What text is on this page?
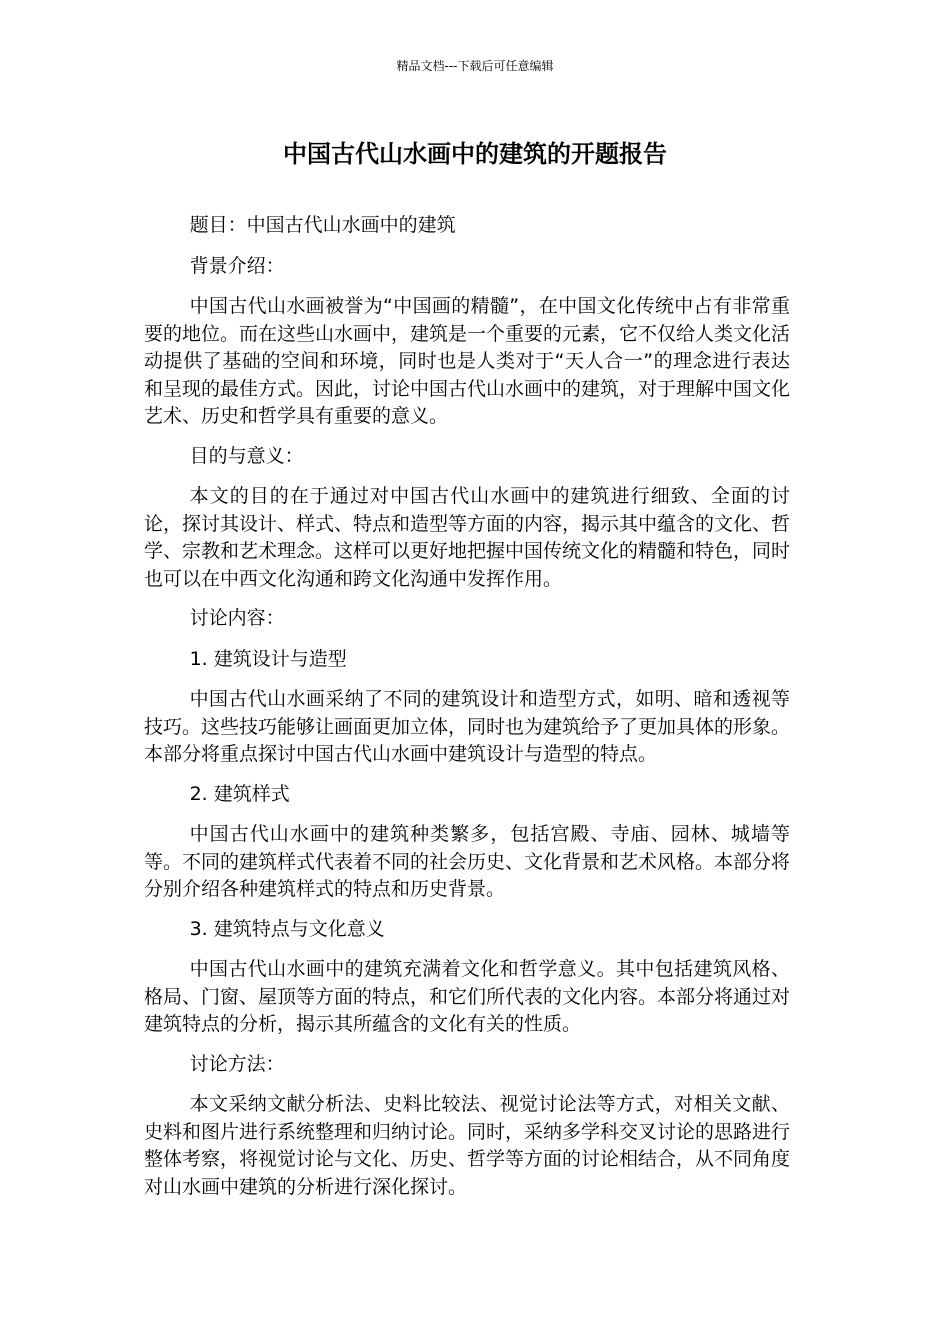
精品文档---下载后可任意编辑
中国古代山水画中的建筑的开题报告

题目：中国古代山水画中的建筑

背景介绍：

中国古代山水画被誉为“中国画的精髓”，在中国文化传统中占有非常重要的地位。而在这些山水画中，建筑是一个重要的元素，它不仅给人类文化活动提供了基础的空间和环境，同时也是人类对于“天人合一”的理念进行表达和呈现的最佳方式。因此，讨论中国古代山水画中的建筑，对于理解中国文化艺术、历史和哲学具有重要的意义。

目的与意义：

本文的目的在于通过对中国古代山水画中的建筑进行细致、全面的讨论，探讨其设计、样式、特点和造型等方面的内容，揭示其中蕴含的文化、哲学、宗教和艺术理念。这样可以更好地把握中国传统文化的精髓和特色，同时也可以在中西文化沟通和跨文化沟通中发挥作用。

讨论内容：

1. 建筑设计与造型

中国古代山水画采纳了不同的建筑设计和造型方式，如明、暗和透视等技巧。这些技巧能够让画面更加立体，同时也为建筑给予了更加具体的形象。本部分将重点探讨中国古代山水画中建筑设计与造型的特点。

2. 建筑样式

中国古代山水画中的建筑种类繁多，包括宫殿、寺庙、园林、城墙等等。不同的建筑样式代表着不同的社会历史、文化背景和艺术风格。本部分将分别介绍各种建筑样式的特点和历史背景。

3. 建筑特点与文化意义

中国古代山水画中的建筑充满着文化和哲学意义。其中包括建筑风格、格局、门窗、屋顶等方面的特点，和它们所代表的文化内容。本部分将通过对建筑特点的分析，揭示其所蕴含的文化有关的性质。

讨论方法：

本文采纳文献分析法、史料比较法、视觉讨论法等方式，对相关文献、史料和图片进行系统整理和归纳讨论。同时，采纳多学科交叉讨论的思路进行整体考察，将视觉讨论与文化、历史、哲学等方面的讨论相结合，从不同角度对山水画中建筑的分析进行深化探讨。
